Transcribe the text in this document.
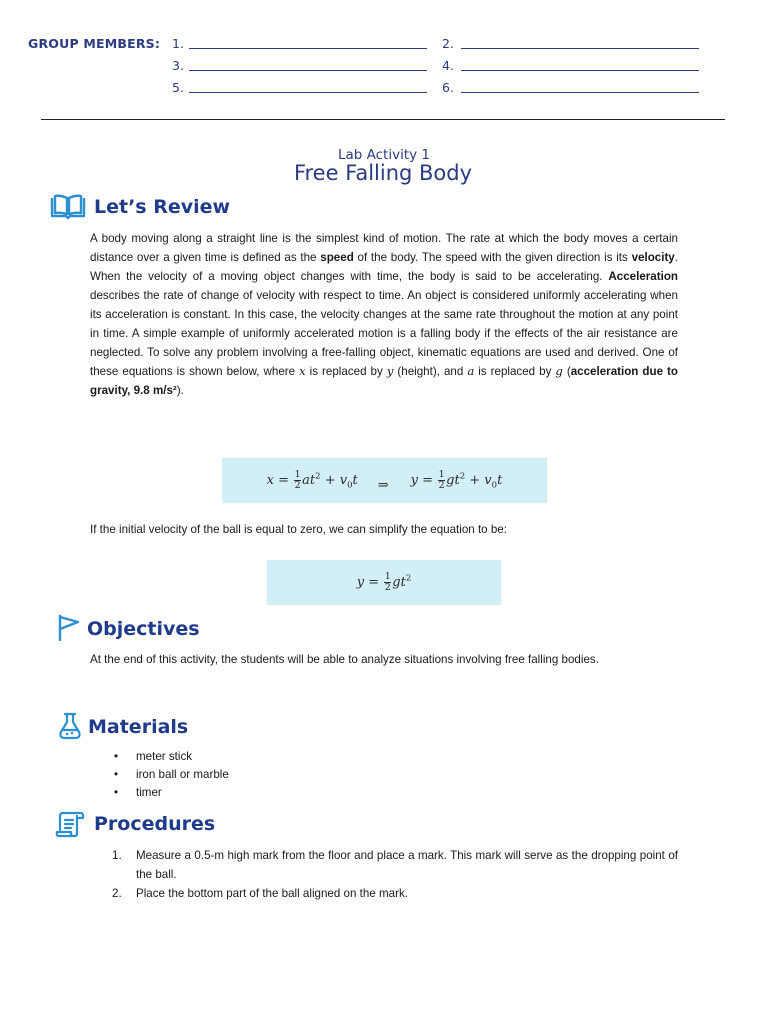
GROUP MEMBERS: 1.	2.
3.	4.
5.	6.
Lab Activity 1
Free Falling Body
Let’s Review
A body moving along a straight line is the simplest kind of motion. The rate at which the body moves a certain distance over a given time is defined as the speed of the body. The speed with the given direction is its velocity. When the velocity of a moving object changes with time, the body is said to be accelerating. Acceleration describes the rate of change of velocity with respect to time. An object is considered uniformly accelerating when its acceleration is constant. In this case, the velocity changes at the same rate throughout the motion at any point in time. A simple example of uniformly accelerated motion is a falling body if the effects of the air resistance are neglected. To solve any problem involving a free-falling object, kinematic equations are used and derived. One of these equations is shown below, where x is replaced by y (height), and a is replaced by g (acceleration due to gravity, 9.8 m/s²).
$x = \frac{1}{2} at^2 + v_0t$ ⇒ $y = \frac{1}{2} gt^2 + v_0t$
If the initial velocity of the ball is equal to zero, we can simplify the equation to be:
$y = \frac{1}{2} gt^2$
Objectives
At the end of this activity, the students will be able to analyze situations involving free falling bodies.
Materials
• meter stick
• iron ball or marble
• timer
Procedures
1. Measure a 0.5-m high mark from the floor and place a mark. This mark will serve as the dropping point of the ball.
2. Place the bottom part of the ball aligned on the mark.
